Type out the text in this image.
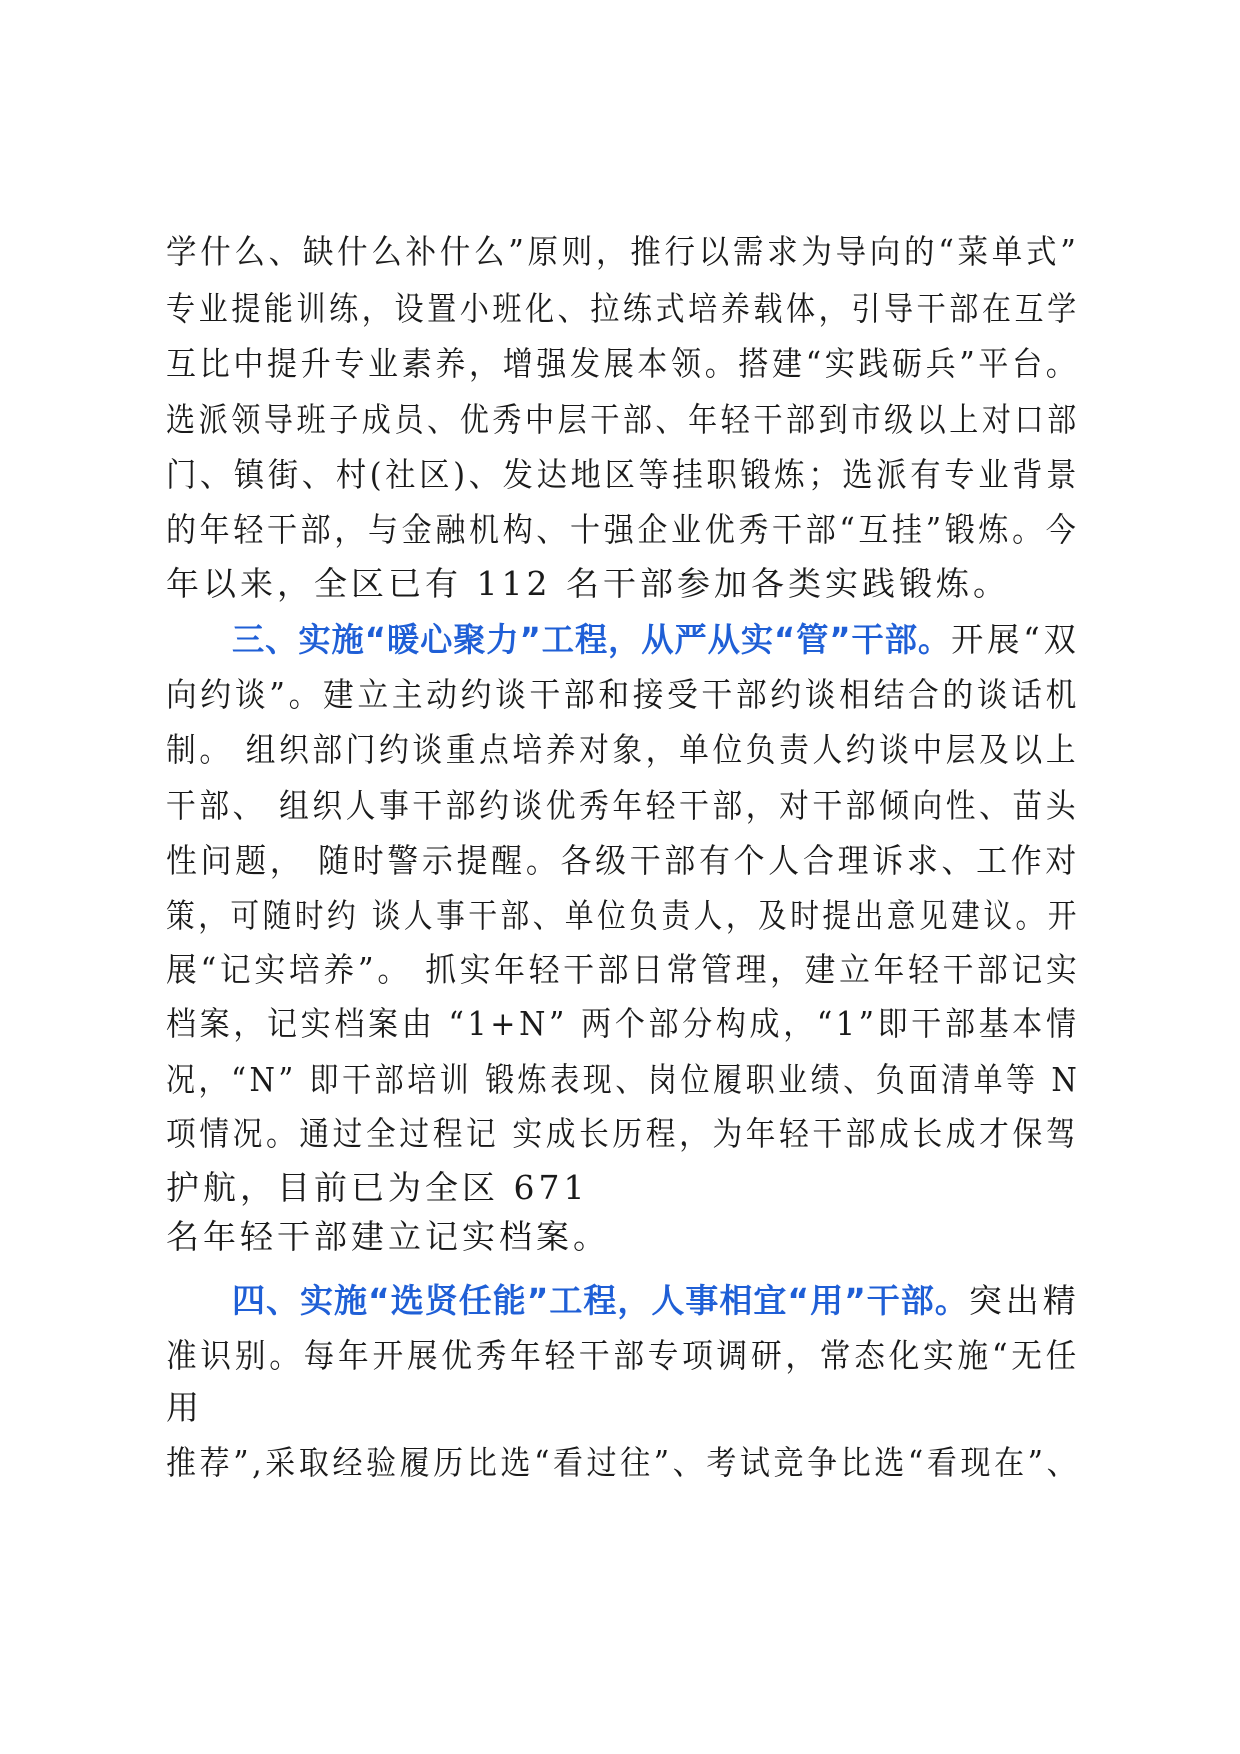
学什么、缺什么补什么”原则，推行以需求为导向的“菜单式”
专业提能训练，设置小班化、拉练式培养载体，引导干部在互学
互比中提升专业素养，增强发展本领。搭建“实践砺兵”平台。
选派领导班子成员、优秀中层干部、年轻干部到市级以上对口部
门、镇街、村(社区)、发达地区等挂职锻炼；选派有专业背景
的年轻干部，与金融机构、十强企业优秀干部“互挂”锻炼。今
年以来，全区已有 112 名干部参加各类实践锻炼。
三、实施“暖心聚力”工程，从严从实“管”干部。开展“双
向约谈”。建立主动约谈干部和接受干部约谈相结合的谈话机
制。 组织部门约谈重点培养对象，单位负责人约谈中层及以上
干部、 组织人事干部约谈优秀年轻干部，对干部倾向性、苗头
性问题， 随时警示提醒。各级干部有个人合理诉求、工作对
策，可随时约 谈人事干部、单位负责人，及时提出意见建议。开
展“记实培养”。 抓实年轻干部日常管理，建立年轻干部记实
档案，记实档案由 “1+N” 两个部分构成，“1”即干部基本情
况，“N” 即干部培训 锻炼表现、岗位履职业绩、负面清单等 N
项情况。通过全过程记 实成长历程，为年轻干部成长成才保驾
护航，目前已为全区 671
名年轻干部建立记实档案。
四、实施“选贤任能”工程，人事相宜“用”干部。突出精
准识别。每年开展优秀年轻干部专项调研，常态化实施“无任
用
推荐”,采取经验履历比选“看过往”、考试竞争比选“看现在”、
